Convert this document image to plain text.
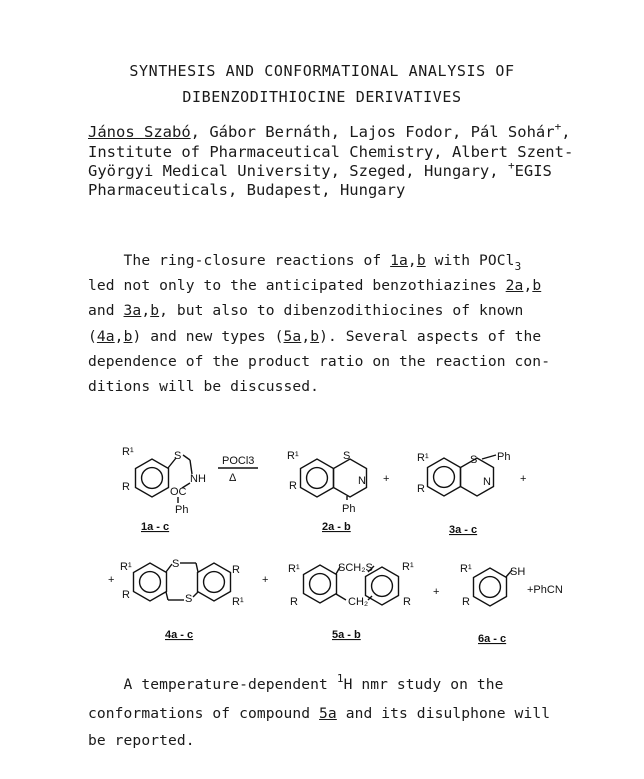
SYNTHESIS AND CONFORMATIONAL ANALYSIS OF
DIBENZODITHIOCINE DERIVATIVES
János Szabó, Gábor Bernáth, Lajos Fodor, Pál Sohár+,
Institute of Pharmaceutical Chemistry, Albert Szent-
Györgyi Medical University, Szeged, Hungary, +EGIS
Pharmaceuticals, Budapest, Hungary
The ring-closure reactions of 1a,b with POCl$_3$
led not only to the anticipated benzothiazines 2a,b
and 3a,b, but also to dibenzodithiocines of known
(4a,b) and new types (5a,b). Several aspects of the
dependence of the product ratio on the reaction con-
ditions will be discussed.
R¹
R
S
NH
OC
Ph
POCl3
Δ
R¹
R
S
N
Ph
+
R¹
R
S Ph
N	+
+
R¹
R
S
S
R
R¹
+
R¹
R
SCH₂S
CH₂
R¹
R
+
R¹
R
SH
+PhCN
1a - c	2a - b	3a - c
4a - c	5a - b	6a - c
A temperature-dependent $^1$H nmr study on the
conformations of compound 5a and its disulphone will
be reported.
